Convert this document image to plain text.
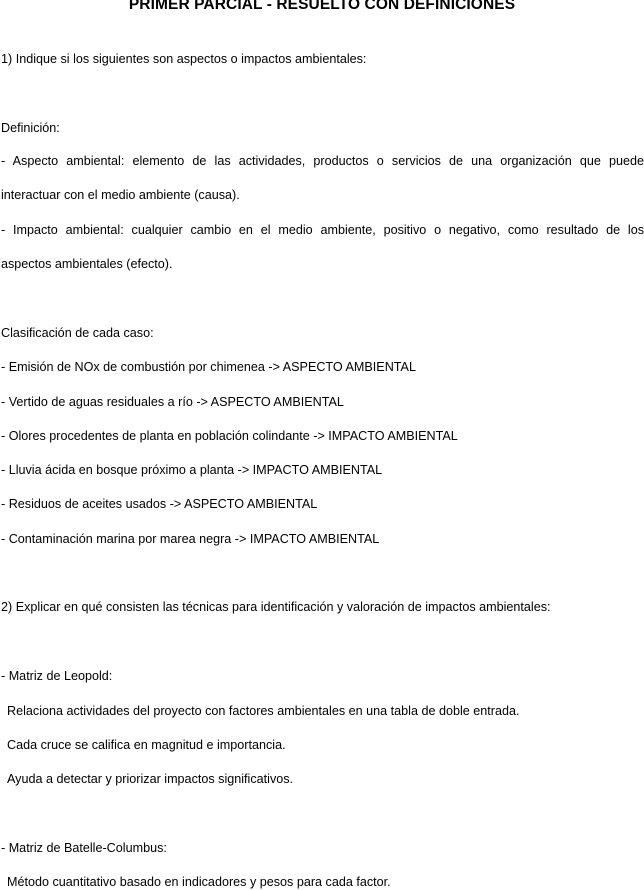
PRIMER PARCIAL - RESUELTO CON DEFINICIONES
1) Indique si los siguientes son aspectos o impactos ambientales:
Definición:
- Aspecto ambiental: elemento de las actividades, productos o servicios de una organización que puede
interactuar con el medio ambiente (causa).
- Impacto ambiental: cualquier cambio en el medio ambiente, positivo o negativo, como resultado de los
aspectos ambientales (efecto).
Clasificación de cada caso:
- Emisión de NOx de combustión por chimenea -> ASPECTO AMBIENTAL
- Vertido de aguas residuales a río -> ASPECTO AMBIENTAL
- Olores procedentes de planta en población colindante -> IMPACTO AMBIENTAL
- Lluvia ácida en bosque próximo a planta -> IMPACTO AMBIENTAL
- Residuos de aceites usados -> ASPECTO AMBIENTAL
- Contaminación marina por marea negra -> IMPACTO AMBIENTAL
2) Explicar en qué consisten las técnicas para identificación y valoración de impactos ambientales:
- Matriz de Leopold:
Relaciona actividades del proyecto con factores ambientales en una tabla de doble entrada.
Cada cruce se califica en magnitud e importancia.
Ayuda a detectar y priorizar impactos significativos.
- Matriz de Batelle-Columbus:
Método cuantitativo basado en indicadores y pesos para cada factor.
